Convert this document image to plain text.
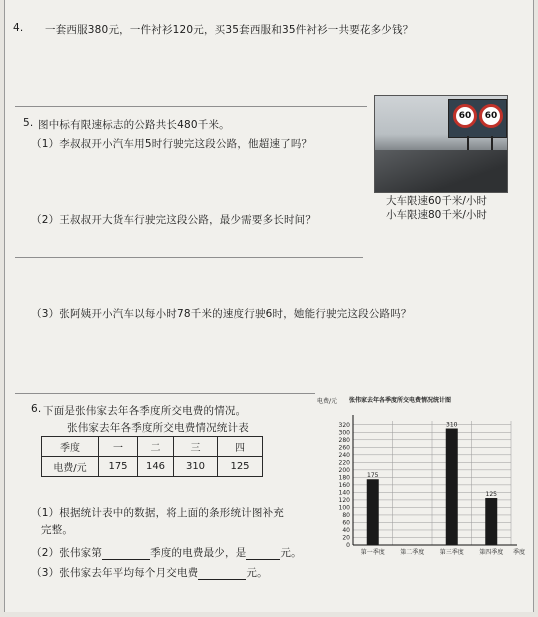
4. 一套西服380元，一件衬衫120元，买35套西服和35件衬衫一共要花多少钱？
5. 图中标有限速标志的公路共长480千米。
（1）李叔叔开小汽车用5时行驶完这段公路，他超速了吗？
60	60
大车限速60千米/小时
小车限速80千米/小时
（2）王叔叔开大货车行驶完这段公路，最少需要多长时间？
（3）张阿姨开小汽车以每小时78千米的速度行驶6时，她能行驶完这段公路吗？
6. 下面是张伟家去年各季度所交电费的情况。
张伟家去年各季度所交电费情况统计表
季度	一	二	三	四
电费/元	175	146	310	125
（1）根据统计表中的数据，将上面的条形统计图补充
完整。
（2）张伟家第	季度的电费最少，是	元。
（3）张伟家去年平均每个月交电费	元。
张伟家去年各季度所交电费情况统计图
电费/元
0
20
40
60
80
100
120
140
160
180
200
220
240
260
280
300
320
第一季度
175
第二季度	第三季度
310
第四季度
125
季度
